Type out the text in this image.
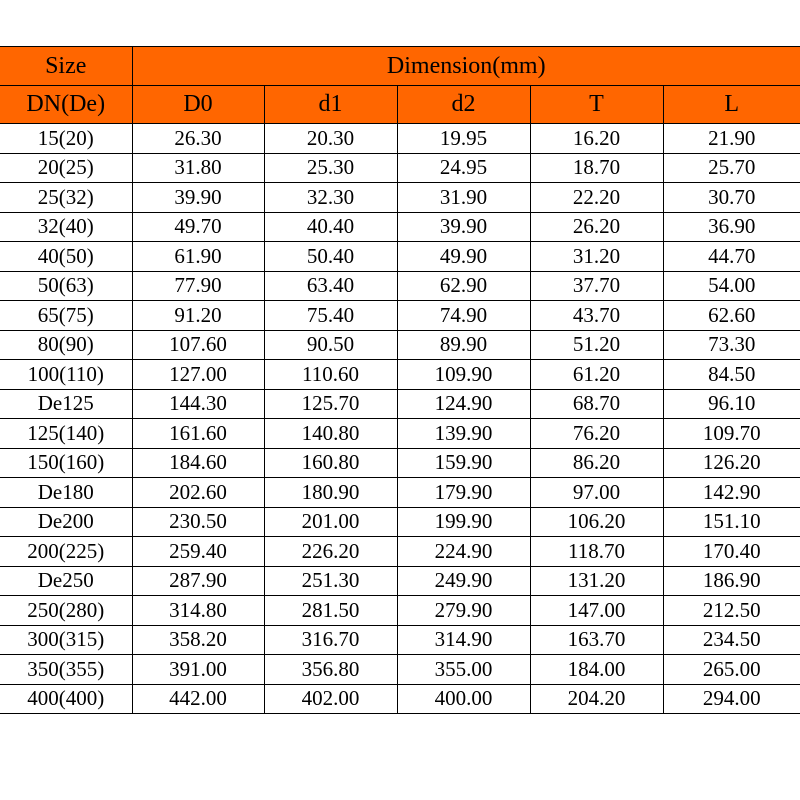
Size	Dimension(mm)				
DN(De)	D0	d1	d2	T	L
15(20)	26.30	20.30	19.95	16.20	21.90
20(25)	31.80	25.30	24.95	18.70	25.70
25(32)	39.90	32.30	31.90	22.20	30.70
32(40)	49.70	40.40	39.90	26.20	36.90
40(50)	61.90	50.40	49.90	31.20	44.70
50(63)	77.90	63.40	62.90	37.70	54.00
65(75)	91.20	75.40	74.90	43.70	62.60
80(90)	107.60	90.50	89.90	51.20	73.30
100(110)	127.00	110.60	109.90	61.20	84.50
De125	144.30	125.70	124.90	68.70	96.10
125(140)	161.60	140.80	139.90	76.20	109.70
150(160)	184.60	160.80	159.90	86.20	126.20
De180	202.60	180.90	179.90	97.00	142.90
De200	230.50	201.00	199.90	106.20	151.10
200(225)	259.40	226.20	224.90	118.70	170.40
De250	287.90	251.30	249.90	131.20	186.90
250(280)	314.80	281.50	279.90	147.00	212.50
300(315)	358.20	316.70	314.90	163.70	234.50
350(355)	391.00	356.80	355.00	184.00	265.00
400(400)	442.00	402.00	400.00	204.20	294.00
